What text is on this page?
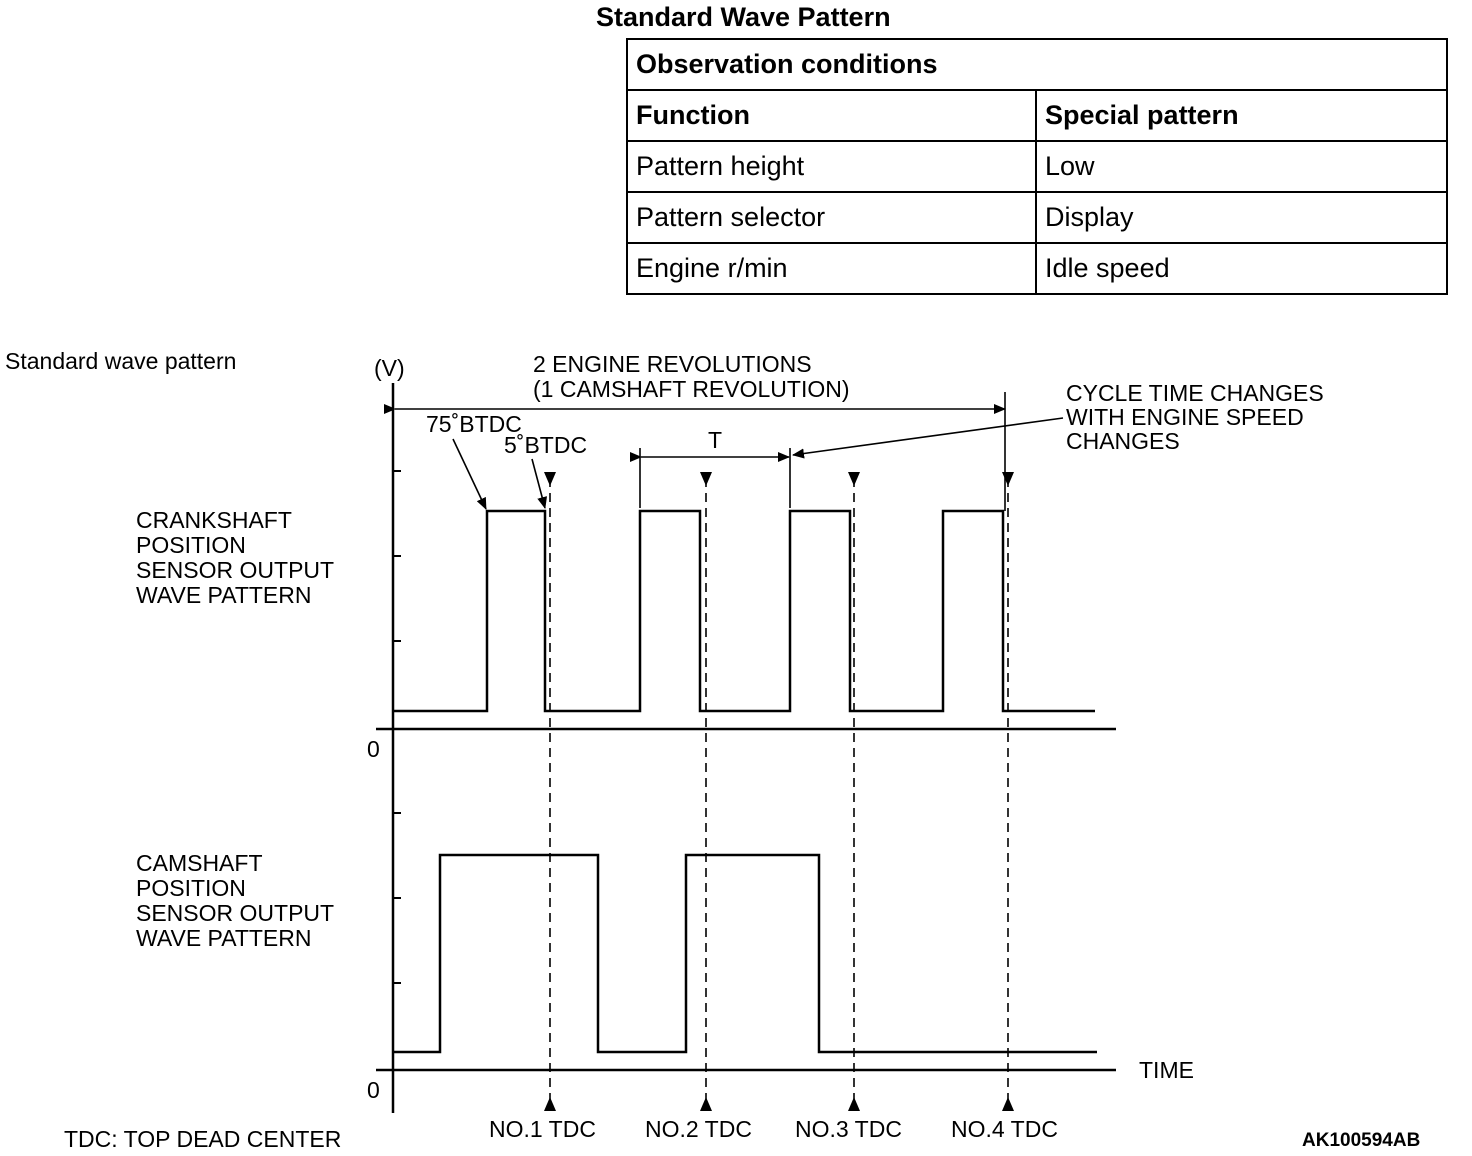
Standard Wave Pattern
Observation conditions	
Function	Special pattern
Pattern height	Low
Pattern selector	Display
Engine r/min	Idle speed
Standard wave pattern	(V)	2 ENGINE REVOLUTIONS
(1 CAMSHAFT REVOLUTION)
75˚BTDC
5˚BTDC	T
CYCLE TIME CHANGES
WITH ENGINE SPEED
CHANGES
CRANKSHAFT
POSITION
SENSOR OUTPUT
WAVE PATTERN
CAMSHAFT
POSITION
SENSOR OUTPUT
WAVE PATTERN
0
0
TIME
NO.1 TDC NO.2 TDC NO.3 TDC NO.4 TDC
TDC: TOP DEAD CENTER	AK100594AB
